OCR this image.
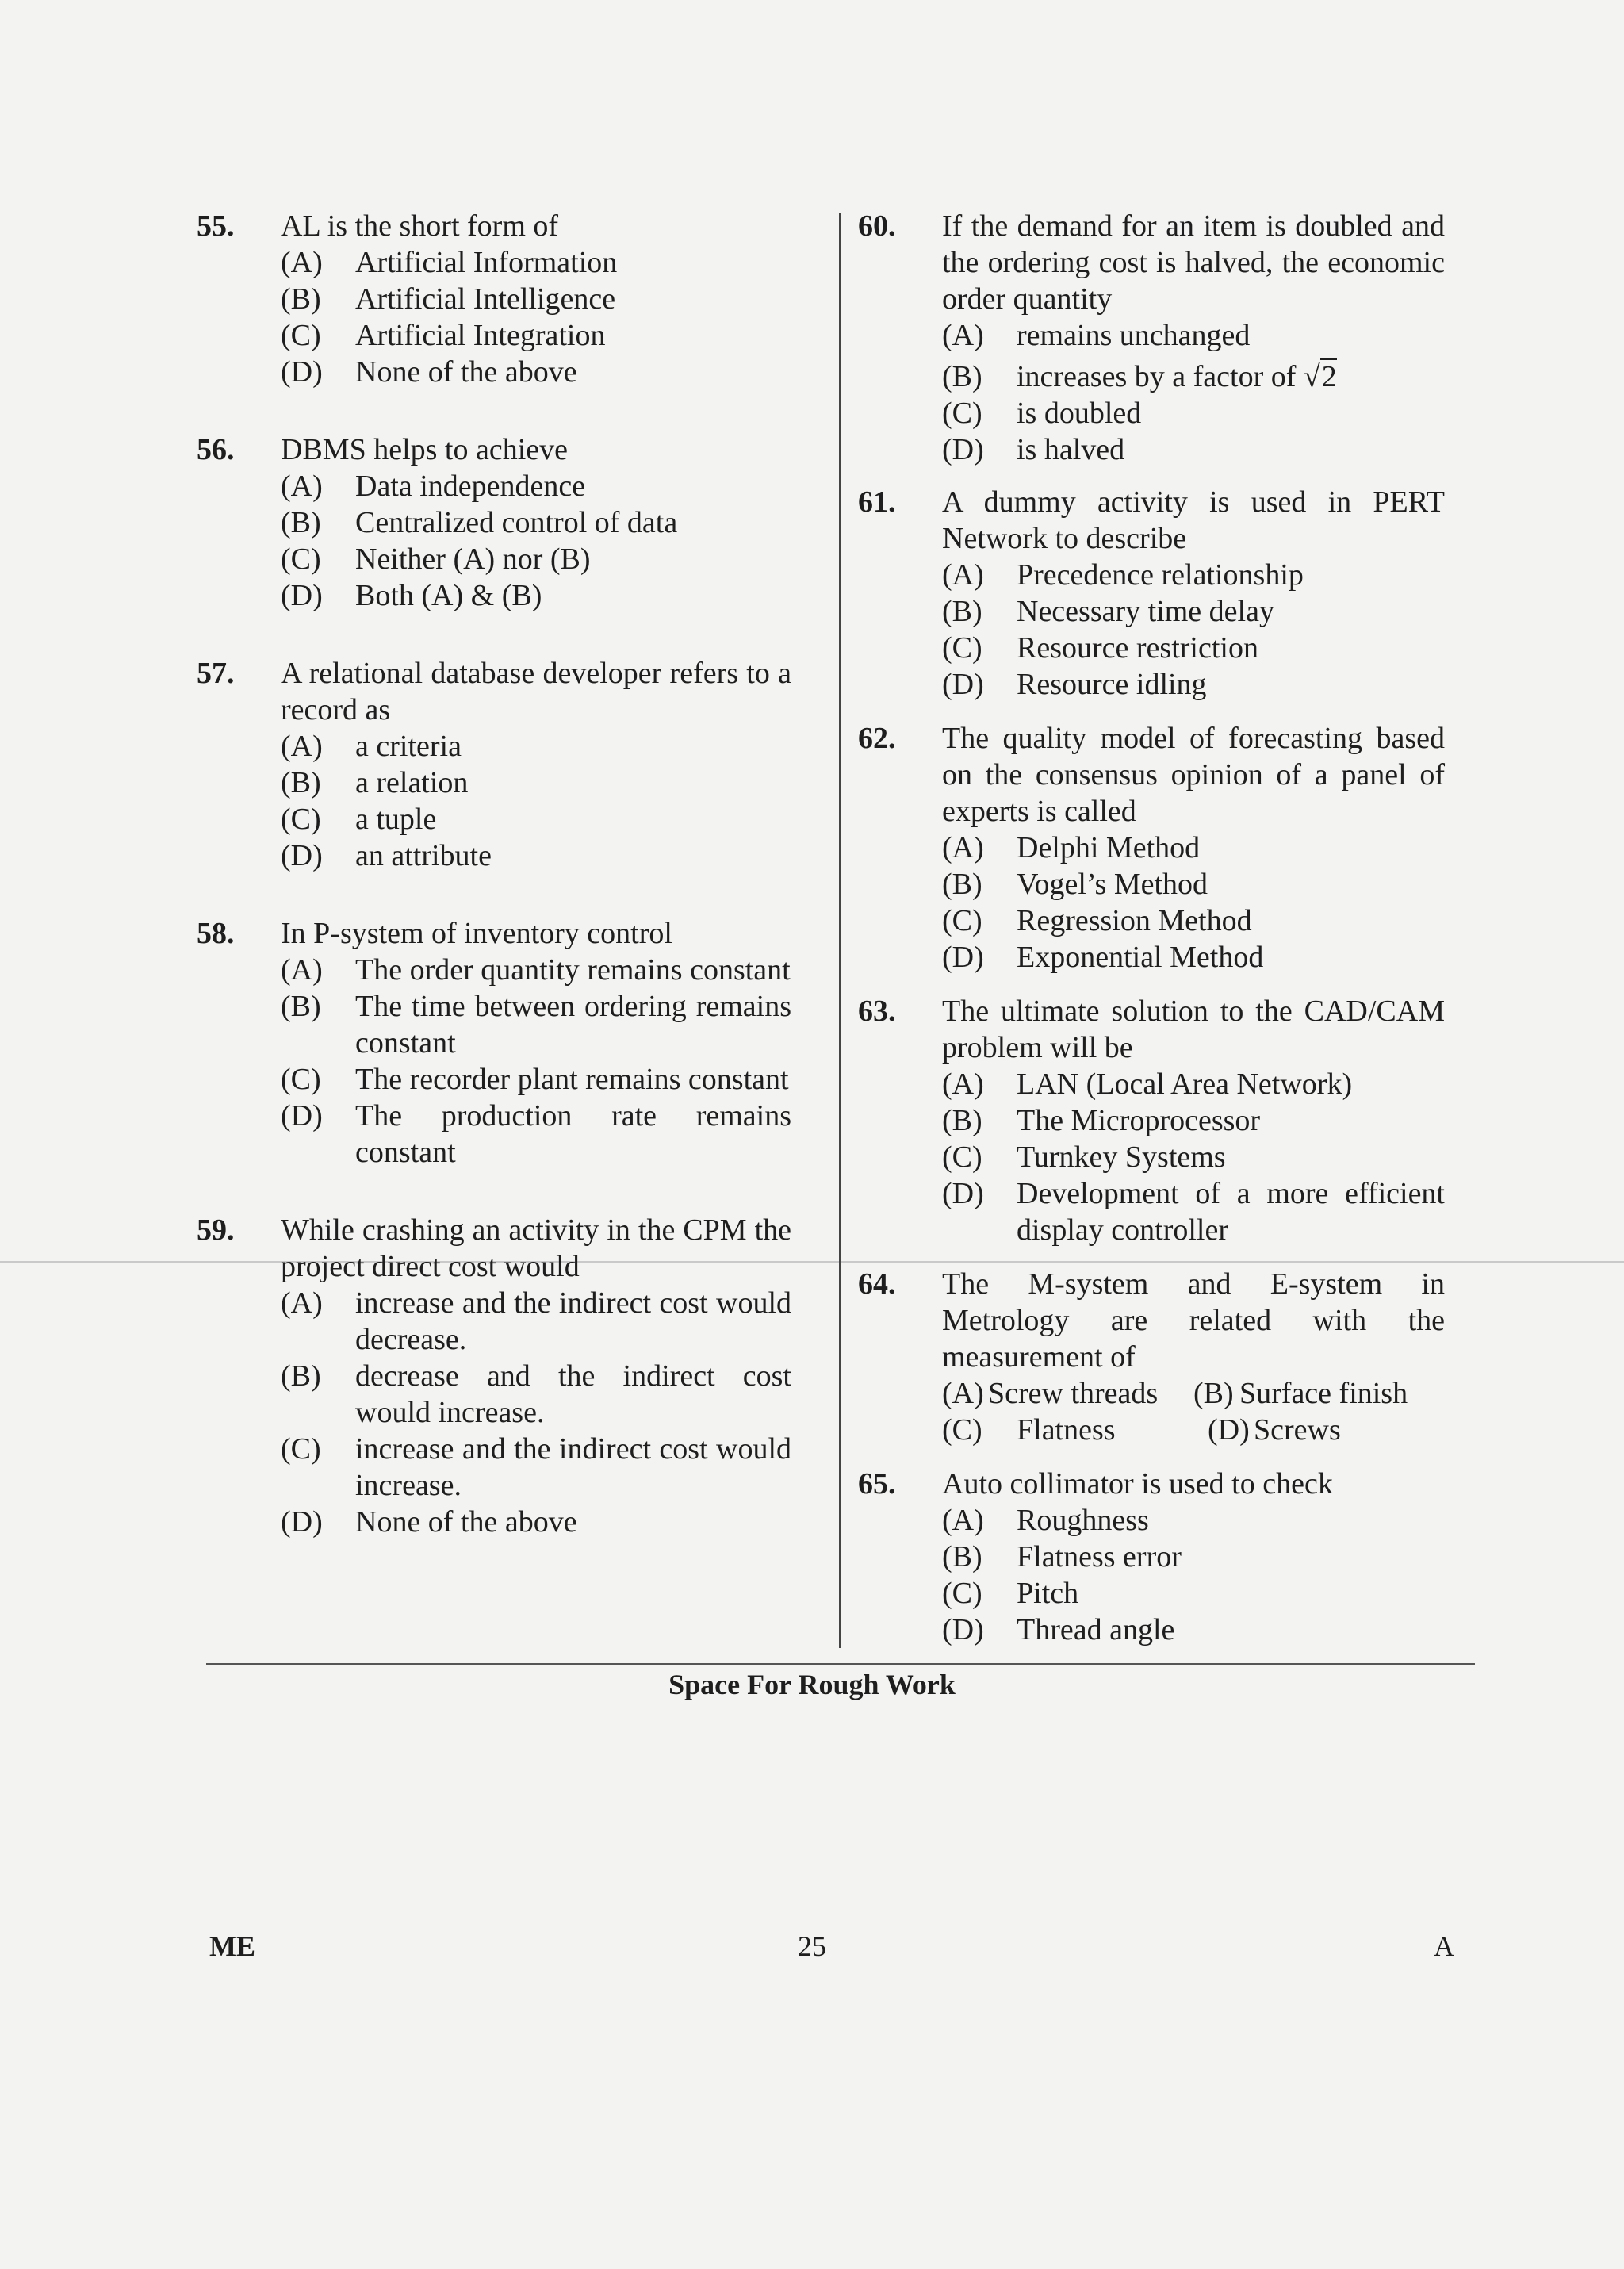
55. AL is the short form of
(A) Artificial Information
(B) Artificial Intelligence
(C) Artificial Integration
(D) None of the above
56. DBMS helps to achieve
(A) Data independence
(B) Centralized control of data
(C) Neither (A) nor (B)
(D) Both (A) & (B)
57. A relational database developer refers to a record as
(A) a criteria
(B) a relation
(C) a tuple
(D) an attribute
58. In P-system of inventory control
(A) The order quantity remains constant
(B) The time between ordering remains constant
(C) The recorder plant remains constant
(D) The production rate remains constant
59. While crashing an activity in the CPM the project direct cost would
(A) increase and the indirect cost would decrease.
(B) decrease and the indirect cost would increase.
(C) increase and the indirect cost would increase.
(D) None of the above
60. If the demand for an item is doubled and the ordering cost is halved, the economic order quantity
(A) remains unchanged
(B) increases by a factor of √2
(C) is doubled
(D) is halved
61. A dummy activity is used in PERT Network to describe
(A) Precedence relationship
(B) Necessary time delay
(C) Resource restriction
(D) Resource idling
62. The quality model of forecasting based on the consensus opinion of a panel of experts is called
(A) Delphi Method
(B) Vogel’s Method
(C) Regression Method
(D) Exponential Method
63. The ultimate solution to the CAD/CAM problem will be
(A) LAN (Local Area Network)
(B) The Microprocessor
(C) Turnkey Systems
(D) Development of a more efficient display controller
64. The M-system and E-system in Metrology are related with the measurement of
(A) Screw threads	(B) Surface finish
(C) Flatness	(D) Screws
65. Auto collimator is used to check
(A) Roughness
(B) Flatness error
(C) Pitch
(D) Thread angle
Space For Rough Work
ME	25	A
